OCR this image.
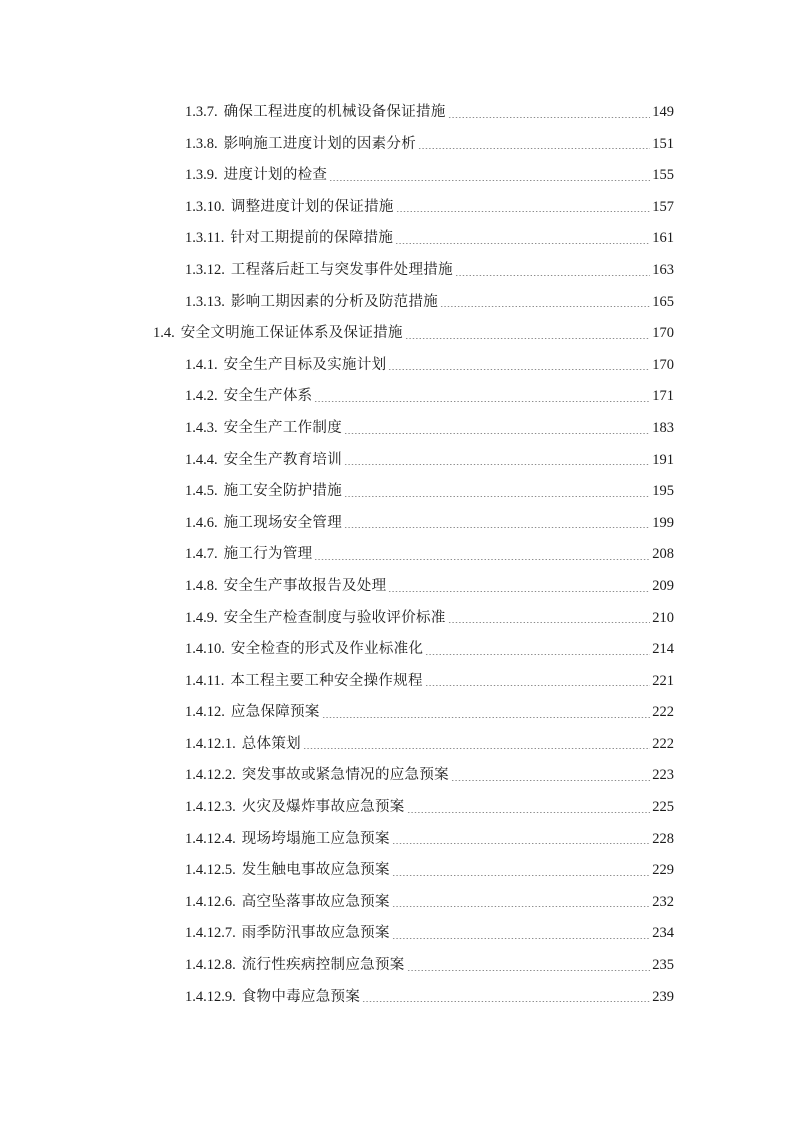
1.3.7. 确保工程进度的机械设备保证措施	149
1.3.8. 影响施工进度计划的因素分析	151
1.3.9. 进度计划的检查	155
1.3.10. 调整进度计划的保证措施	157
1.3.11. 针对工期提前的保障措施	161
1.3.12. 工程落后赶工与突发事件处理措施	163
1.3.13. 影响工期因素的分析及防范措施	165
1.4. 安全文明施工保证体系及保证措施	170
1.4.1. 安全生产目标及实施计划	170
1.4.2. 安全生产体系	171
1.4.3. 安全生产工作制度	183
1.4.4. 安全生产教育培训	191
1.4.5. 施工安全防护措施	195
1.4.6. 施工现场安全管理	199
1.4.7. 施工行为管理	208
1.4.8. 安全生产事故报告及处理	209
1.4.9. 安全生产检查制度与验收评价标准	210
1.4.10. 安全检查的形式及作业标准化	214
1.4.11. 本工程主要工种安全操作规程	221
1.4.12. 应急保障预案	222
1.4.12.1. 总体策划	222
1.4.12.2. 突发事故或紧急情况的应急预案	223
1.4.12.3. 火灾及爆炸事故应急预案	225
1.4.12.4. 现场垮塌施工应急预案	228
1.4.12.5. 发生触电事故应急预案	229
1.4.12.6. 高空坠落事故应急预案	232
1.4.12.7. 雨季防汛事故应急预案	234
1.4.12.8. 流行性疾病控制应急预案	235
1.4.12.9. 食物中毒应急预案	239
